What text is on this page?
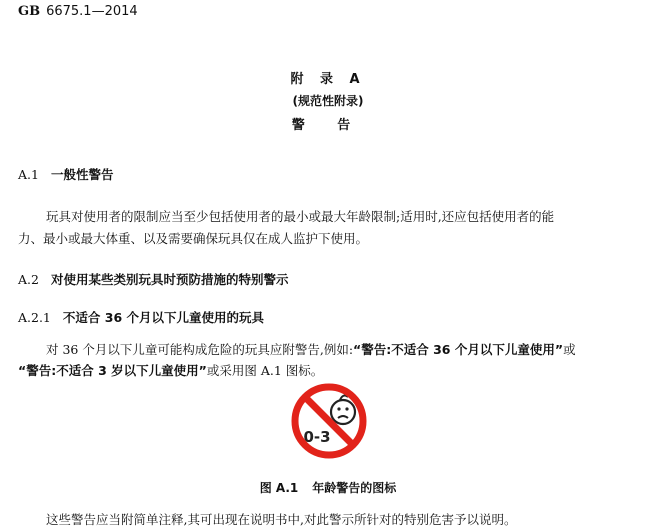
GB 6675.1—2014
附 录 A
(规范性附录)
警 告
A.1 一般性警告
玩具对使用者的限制应当至少包括使用者的最小或最大年龄限制;适用时,还应包括使用者的能
力、最小或最大体重、以及需要确保玩具仅在成人监护下使用。
A.2 对使用某些类别玩具时预防措施的特别警示
A.2.1 不适合 36 个月以下儿童使用的玩具
对 36 个月以下儿童可能构成危险的玩具应附警告,例如:“警告:不适合 36 个月以下儿童使用”或
“警告:不适合 3 岁以下儿童使用”或采用图 A.1 图标。
0-3
图 A.1 年龄警告的图标
这些警告应当附简单注释,其可出现在说明书中,对此警示所针对的特别危害予以说明。
